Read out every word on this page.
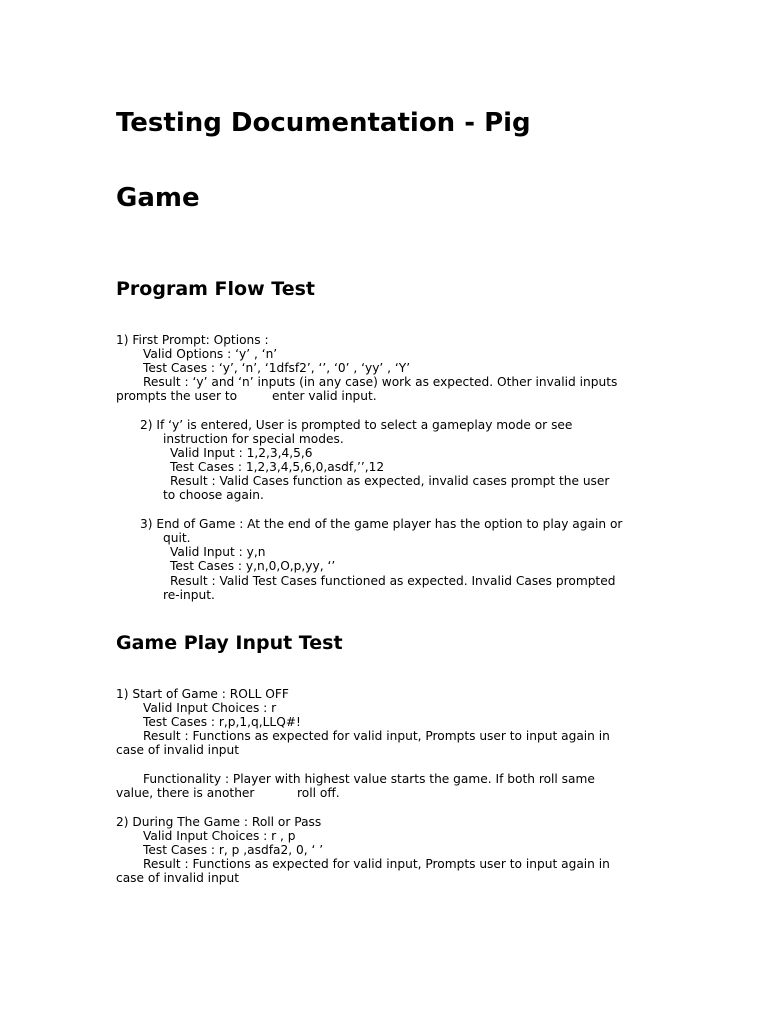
Testing Documentation - Pig
Game
Program Flow Test

1) First Prompt: Options :

Valid Options : ‘y’ , ‘n’

Test Cases : ‘y’, ‘n’, ‘1dfsf2’, ‘’, ‘0’ , ‘yy’ , ‘Y’

Result : ‘y’ and ‘n’ inputs (in any case) work as expected. Other invalid inputs

prompts the user to         enter valid input.

2) If ‘y’ is entered, User is prompted to select a gameplay mode or see

instruction for special modes.

Valid Input : 1,2,3,4,5,6

Test Cases : 1,2,3,4,5,6,0,asdf,’’,12

Result : Valid Cases function as expected, invalid cases prompt the user

to choose again.

3) End of Game : At the end of the game player has the option to play again or

quit.

Valid Input : y,n

Test Cases : y,n,0,O,p,yy, ‘’

Result : Valid Test Cases functioned as expected. Invalid Cases prompted

re-input.

Game Play Input Test

1) Start of Game : ROLL OFF

Valid Input Choices : r

Test Cases : r,p,1,q,LLQ#!

Result : Functions as expected for valid input, Prompts user to input again in

case of invalid input

Functionality : Player with highest value starts the game. If both roll same

value, there is another           roll off.

2) During The Game : Roll or Pass

Valid Input Choices : r , p

Test Cases : r, p ,asdfa2, 0, ‘ ’

Result : Functions as expected for valid input, Prompts user to input again in

case of invalid input
